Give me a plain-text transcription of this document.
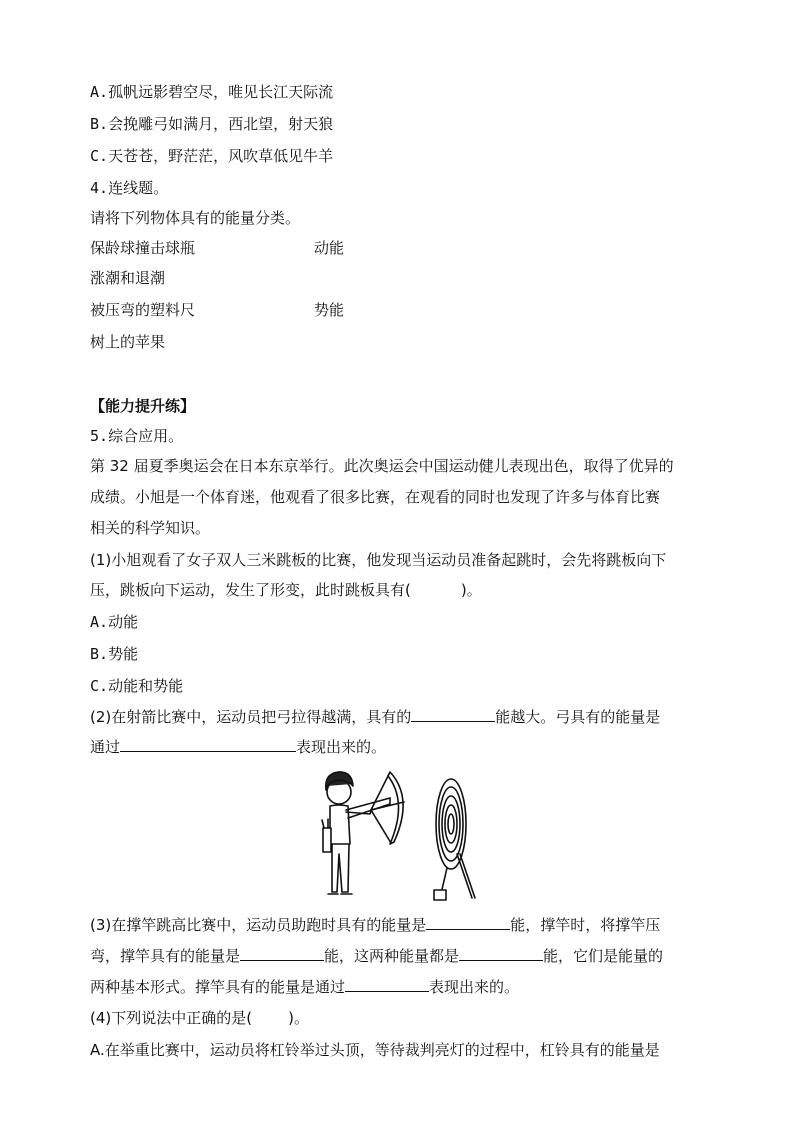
A.孤帆远影碧空尽，唯见长江天际流
B.会挽雕弓如满月，西北望，射天狼
C.天苍苍，野茫茫，风吹草低见牛羊
4.连线题。
请将下列物体具有的能量分类。
保龄球撞击球瓶	动能
涨潮和退潮
被压弯的塑料尺	势能
树上的苹果
【能力提升练】
5.综合应用。
第 32 届夏季奥运会在日本东京举行。此次奥运会中国运动健儿表现出色，取得了优异的
成绩。小旭是一个体育迷，他观看了很多比赛，在观看的同时也发现了许多与体育比赛
相关的科学知识。
(1)小旭观看了女子双人三米跳板的比赛，他发现当运动员准备起跳时，会先将跳板向下
压，跳板向下运动，发生了形变，此时跳板具有(	)。
A.动能
B.势能
C.动能和势能
(2)在射箭比赛中，运动员把弓拉得越满，具有的	能越大。弓具有的能量是
通过	表现出来的。
(3)在撑竿跳高比赛中，运动员助跑时具有的能量是	能，撑竿时，将撑竿压
弯，撑竿具有的能量是	能，这两种能量都是	能，它们是能量的
两种基本形式。撑竿具有的能量是通过	表现出来的。
(4)下列说法中正确的是( )。
A.在举重比赛中，运动员将杠铃举过头顶，等待裁判亮灯的过程中，杠铃具有的能量是
